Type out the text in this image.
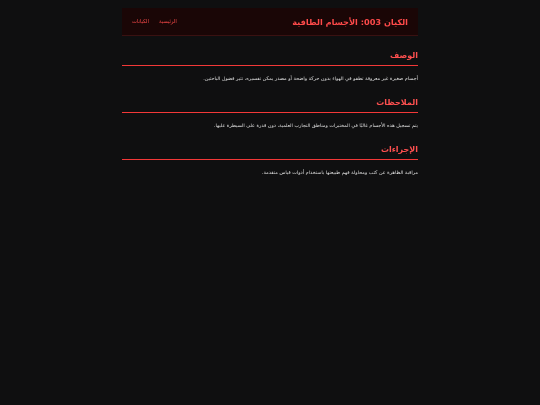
الكيان 003: الأجسام الطافية
الرئيسية
الكيانات
الوصف

أجسام صغيرة غير معروفة تطفو في الهواء بدون حركة واضحة أو مصدر يمكن تفسيره، تثير فضول الباحثين.

الملاحظات

يتم تسجيل هذه الأجسام غالبًا في المختبرات ومناطق التجارب العلمية، دون قدرة على السيطرة عليها.

الإجراءات

مراقبة الظاهرة عن كثب ومحاولة فهم طبيعتها باستخدام أدوات قياس متقدمة.
